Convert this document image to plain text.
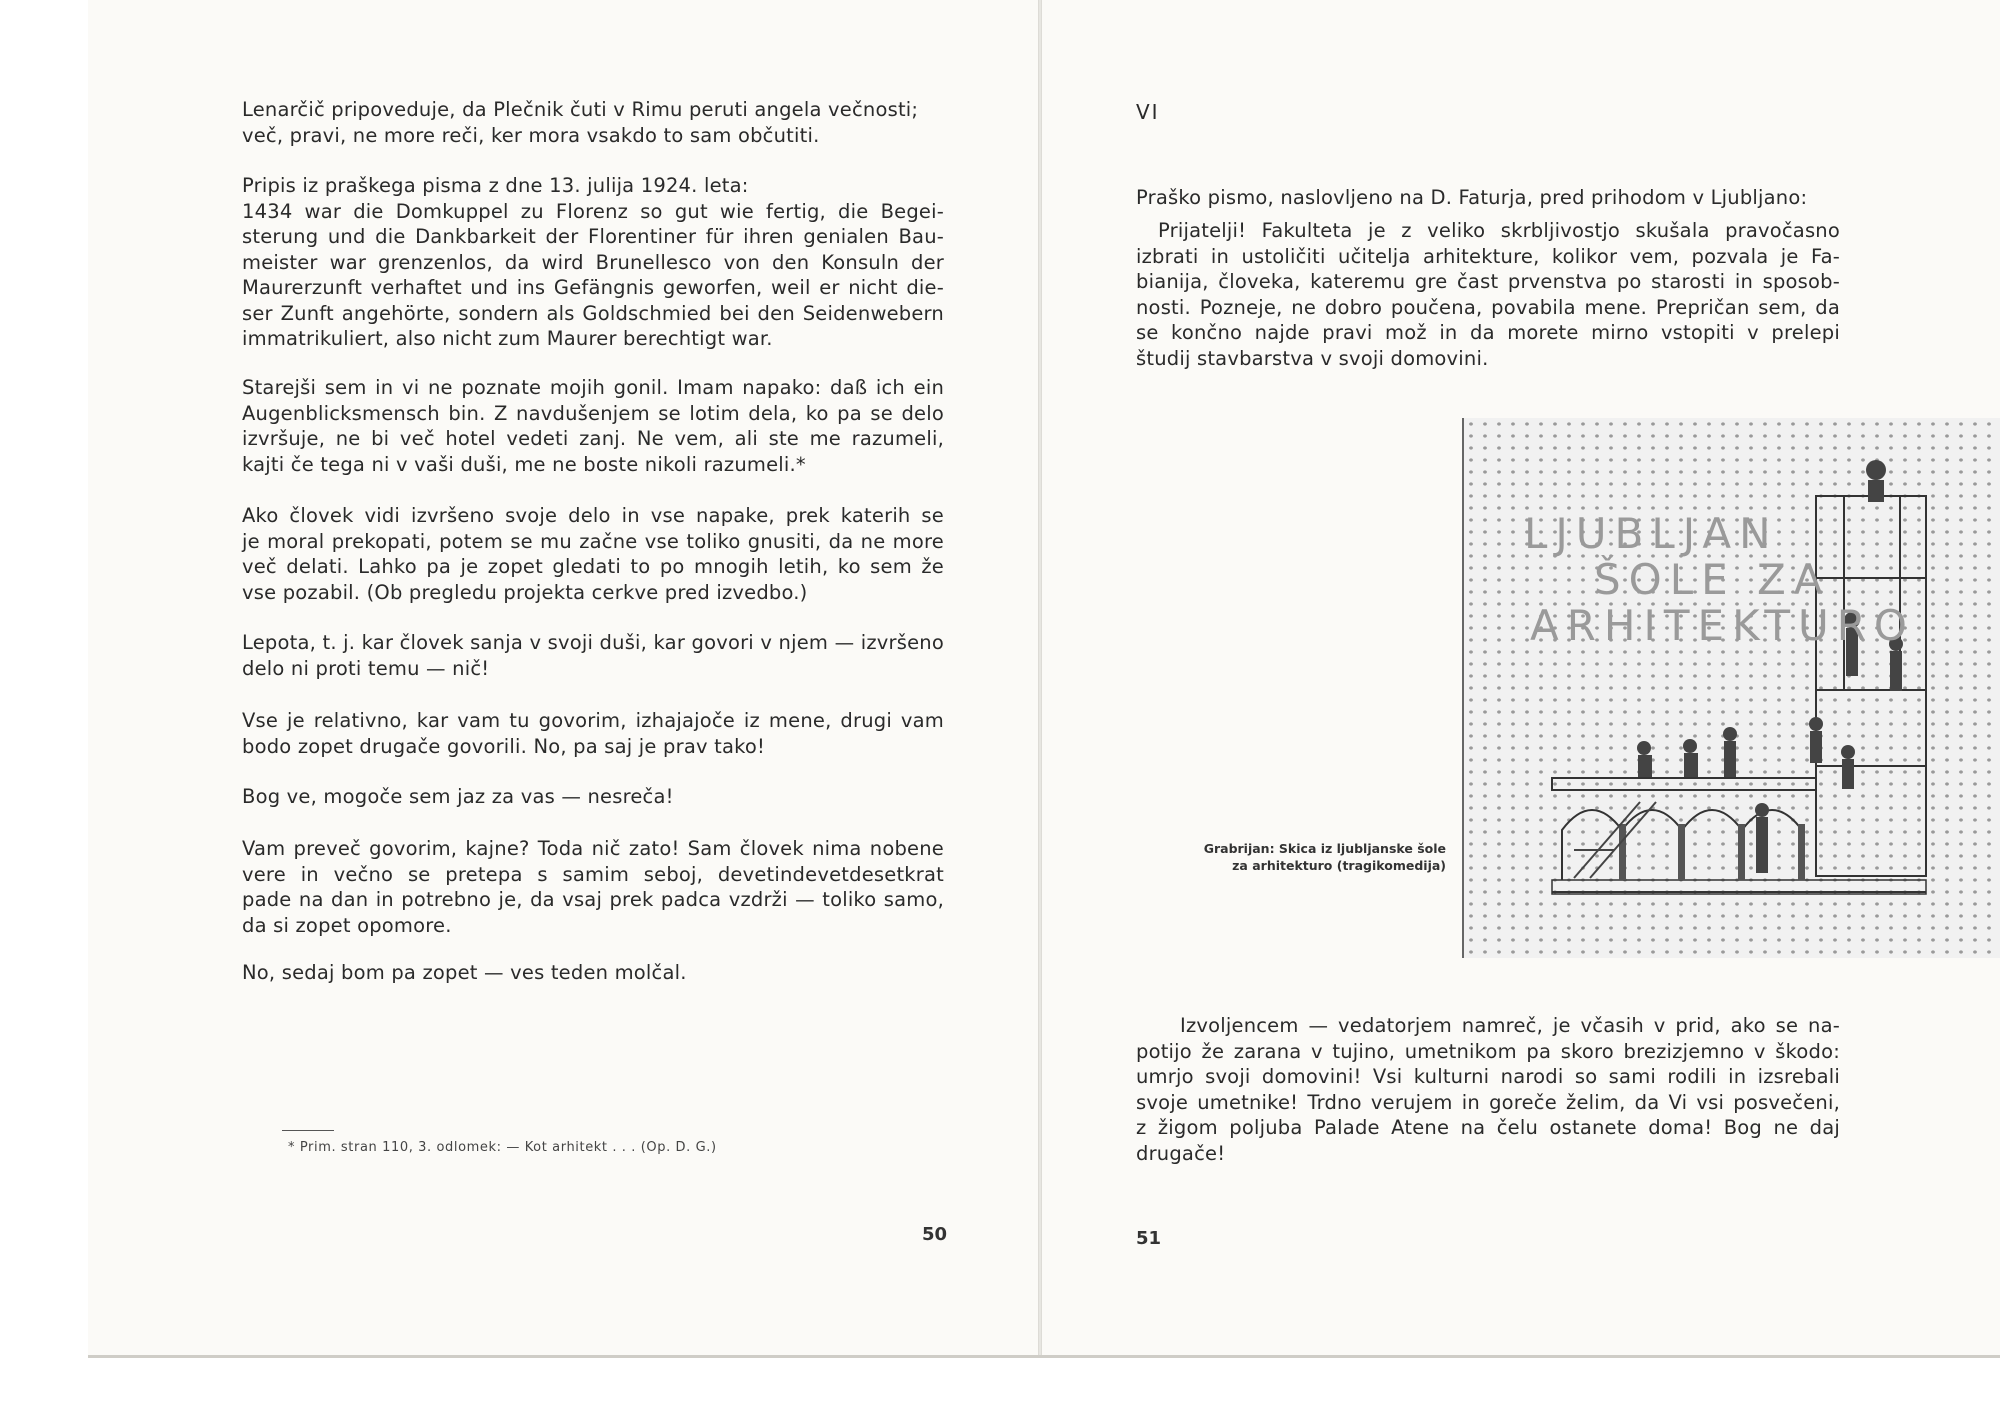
Lenarčič pripoveduje, da Plečnik čuti v Rimu peruti angela večnosti;
več, pravi, ne more reči, ker mora vsakdo to sam občutiti.
Pripis iz praškega pisma z dne 13. julija 1924. leta:
1434 war die Domkuppel zu Florenz so gut wie fertig, die Begei-
sterung und die Dankbarkeit der Florentiner für ihren genialen Bau-
meister war grenzenlos, da wird Brunellesco von den Konsuln der
Maurerzunft verhaftet und ins Gefängnis geworfen, weil er nicht die-
ser Zunft angehörte, sondern als Goldschmied bei den Seidenwebern
immatrikuliert, also nicht zum Maurer berechtigt war.
Starejši sem in vi ne poznate mojih gonil. Imam napako: daß ich ein
Augenblicksmensch bin. Z navdušenjem se lotim dela, ko pa se delo
izvršuje, ne bi več hotel vedeti zanj. Ne vem, ali ste me razumeli,
kajti če tega ni v vaši duši, me ne boste nikoli razumeli.*
Ako človek vidi izvršeno svoje delo in vse napake, prek katerih se
je moral prekopati, potem se mu začne vse toliko gnusiti, da ne more
več delati. Lahko pa je zopet gledati to po mnogih letih, ko sem že
vse pozabil. (Ob pregledu projekta cerkve pred izvedbo.)
Lepota, t. j. kar človek sanja v svoji duši, kar govori v njem — izvršeno
delo ni proti temu — nič!
Vse je relativno, kar vam tu govorim, izhajajoče iz mene, drugi vam
bodo zopet drugače govorili. No, pa saj je prav tako!
Bog ve, mogoče sem jaz za vas — nesreča!
Vam preveč govorim, kajne? Toda nič zato! Sam človek nima nobene
vere in večno se pretepa s samim seboj, devetindevetdesetkrat
pade na dan in potrebno je, da vsaj prek padca vzdrži — toliko samo,
da si zopet opomore.
No, sedaj bom pa zopet — ves teden molčal.
* Prim. stran 110, 3. odlomek: — Kot arhitekt . . . (Op. D. G.)
50
VI
Praško pismo, naslovljeno na D. Faturja, pred prihodom v Ljubljano:
Prijatelji! Fakulteta je z veliko skrbljivostjo skušala pravočasno
izbrati in ustoličiti učitelja arhitekture, kolikor vem, pozvala je Fa-
bianija, človeka, kateremu gre čast prvenstva po starosti in sposob-
nosti. Pozneje, ne dobro poučena, povabila mene. Prepričan sem, da
se končno najde pravi mož in da morete mirno vstopiti v prelepi
študij stavbarstva v svoji domovini.
LJUBLJAN
ŠOLE ZA
ARHITEKTURO
Grabrijan: Skica iz ljubljanske šole
za arhitekturo (tragikomedija)
Izvoljencem — vedatorjem namreč, je včasih v prid, ako se na-
potijo že zarana v tujino, umetnikom pa skoro brezizjemno v škodo:
umrjo svoji domovini! Vsi kulturni narodi so sami rodili in izsrebali
svoje umetnike! Trdno verujem in goreče želim, da Vi vsi posvečeni,
z žigom poljuba Palade Atene na čelu ostanete doma! Bog ne daj
drugače!
51
